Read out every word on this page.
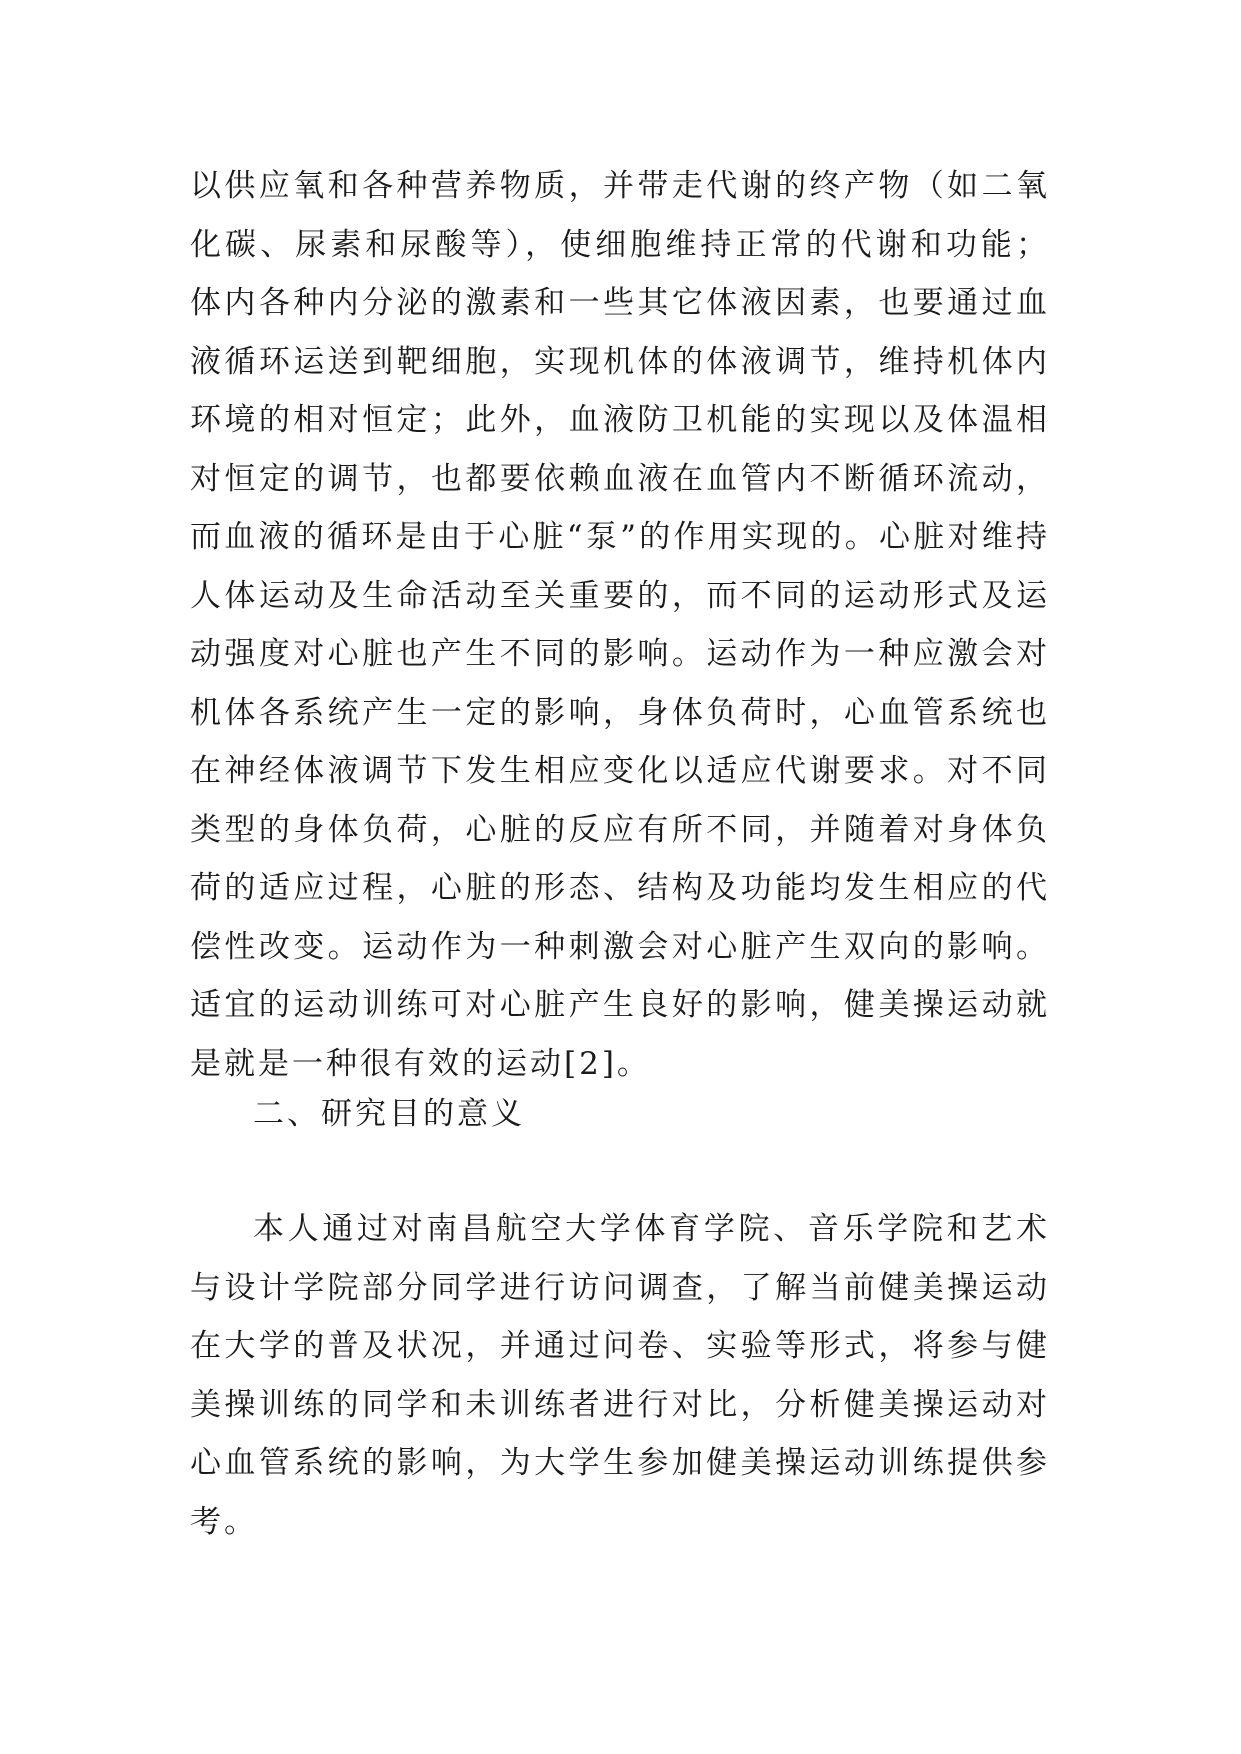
以供应氧和各种营养物质，并带走代谢的终产物（如二氧化碳、尿素和尿酸等），使细胞维持正常的代谢和功能；体内各种内分泌的激素和一些其它体液因素，也要通过血液循环运送到靶细胞，实现机体的体液调节，维持机体内环境的相对恒定；此外，血液防卫机能的实现以及体温相对恒定的调节，也都要依赖血液在血管内不断循环流动，而血液的循环是由于心脏“泵”的作用实现的。心脏对维持人体运动及生命活动至关重要的，而不同的运动形式及运动强度对心脏也产生不同的影响。运动作为一种应激会对机体各系统产生一定的影响，身体负荷时，心血管系统也在神经体液调节下发生相应变化以适应代谢要求。对不同类型的身体负荷，心脏的反应有所不同，并随着对身体负荷的适应过程，心脏的形态、结构及功能均发生相应的代偿性改变。运动作为一种刺激会对心脏产生双向的影响。适宜的运动训练可对心脏产生良好的影响，健美操运动就是就是一种很有效的运动[2]。

二、研究目的意义

本人通过对南昌航空大学体育学院、音乐学院和艺术与设计学院部分同学进行访问调查，了解当前健美操运动在大学的普及状况，并通过问卷、实验等形式，将参与健美操训练的同学和未训练者进行对比，分析健美操运动对心血管系统的影响，为大学生参加健美操运动训练提供参考。
